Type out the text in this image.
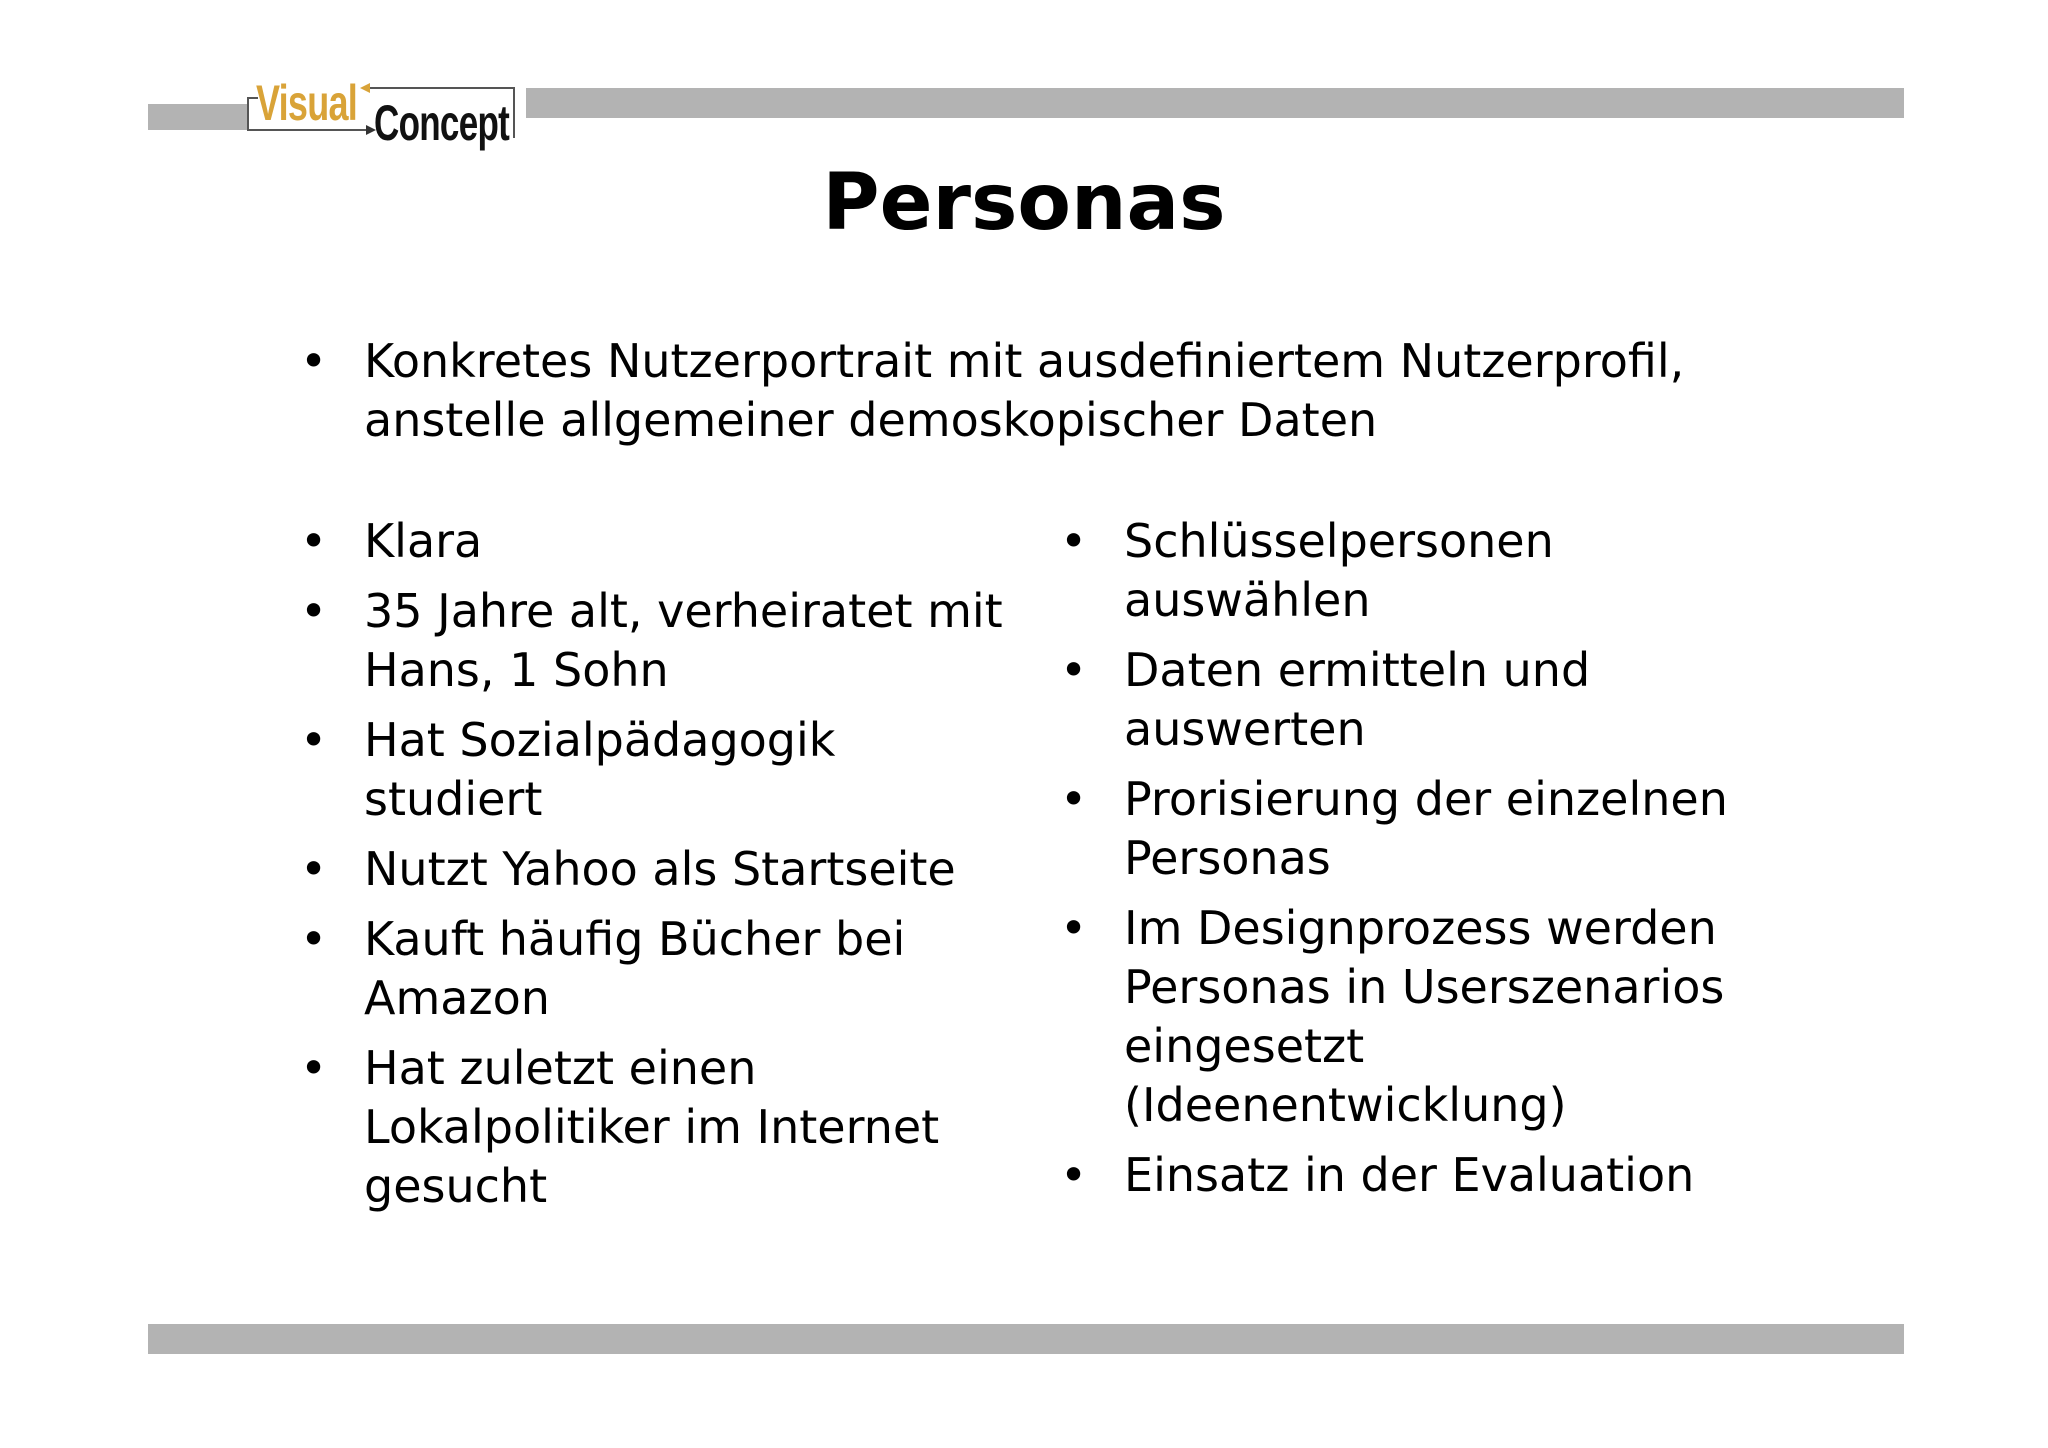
Visual Concept
Personas
• Konkretes Nutzerportrait mit ausdefiniertem Nutzerprofil, anstelle allgemeiner demoskopischer Daten
• Klara
• 35 Jahre alt, verheiratet mit Hans, 1 Sohn
• Hat Sozialpädagogik studiert
• Nutzt Yahoo als Startseite
• Kauft häufig Bücher bei Amazon
• Hat zuletzt einen Lokalpolitiker im Internet gesucht
• Schlüsselpersonen auswählen
• Daten ermitteln und auswerten
• Prorisierung der einzelnen Personas
• Im Designprozess werden Personas in Userszenarios eingesetzt (Ideenentwicklung)
• Einsatz in der Evaluation
